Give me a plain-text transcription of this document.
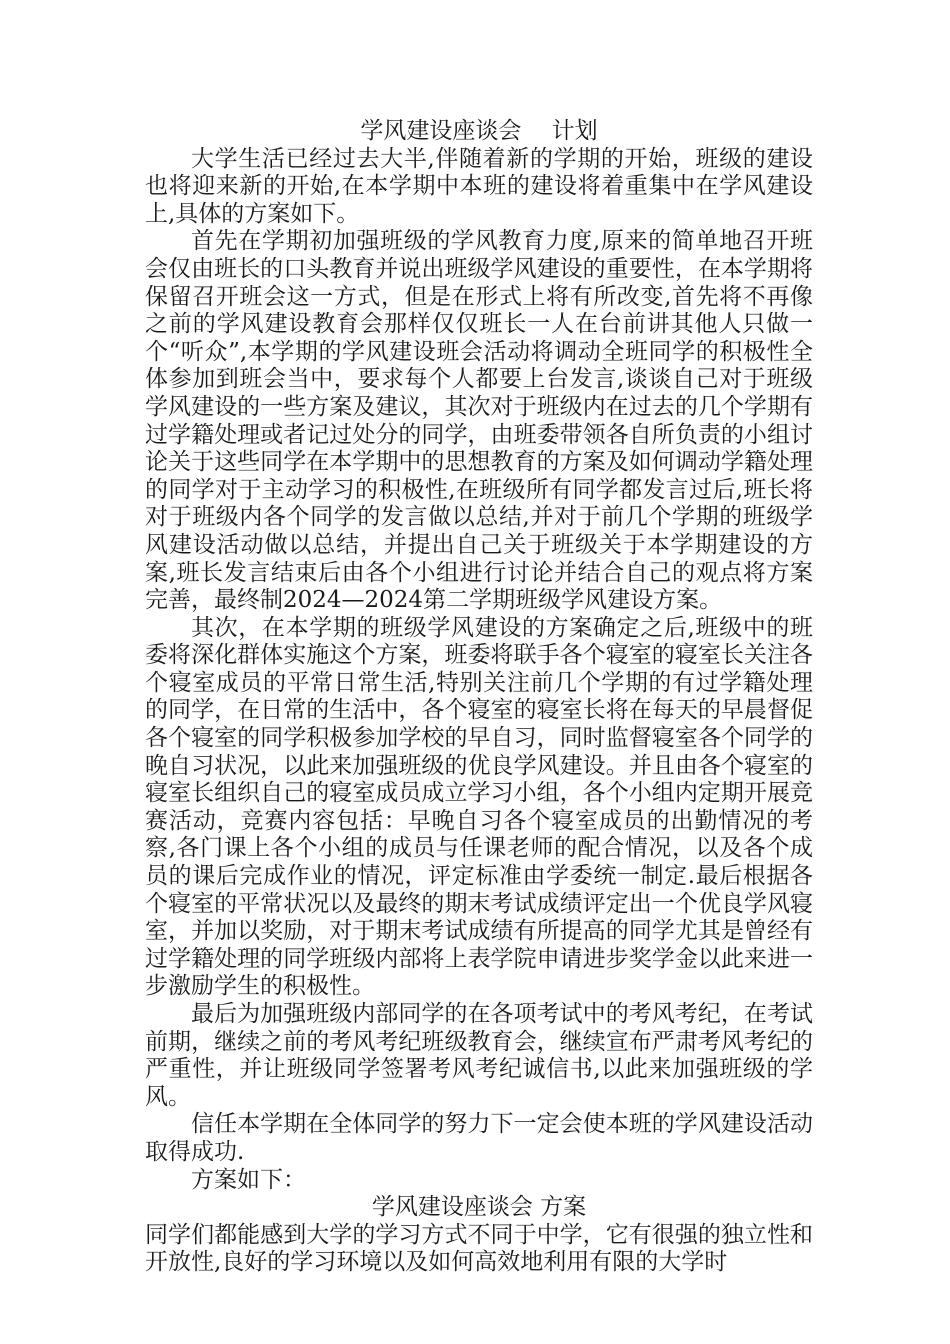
学风建设座谈会　 计划

大学生活已经过去大半,伴随着新的学期的开始，班级的建设也将迎来新的开始,在本学期中本班的建设将着重集中在学风建设上,具体的方案如下。

首先在学期初加强班级的学风教育力度,原来的简单地召开班会仅由班长的口头教育并说出班级学风建设的重要性，在本学期将保留召开班会这一方式，但是在形式上将有所改变,首先将不再像之前的学风建设教育会那样仅仅班长一人在台前讲其他人只做一个“听众”,本学期的学风建设班会活动将调动全班同学的积极性全体参加到班会当中，要求每个人都要上台发言,谈谈自己对于班级学风建设的一些方案及建议，其次对于班级内在过去的几个学期有过学籍处理或者记过处分的同学，由班委带领各自所负责的小组讨论关于这些同学在本学期中的思想教育的方案及如何调动学籍处理的同学对于主动学习的积极性,在班级所有同学都发言过后,班长将对于班级内各个同学的发言做以总结,并对于前几个学期的班级学风建设活动做以总结，并提出自己关于班级关于本学期建设的方案,班长发言结束后由各个小组进行讨论并结合自己的观点将方案完善，最终制2024—2024第二学期班级学风建设方案。

其次，在本学期的班级学风建设的方案确定之后,班级中的班委将深化群体实施这个方案，班委将联手各个寝室的寝室长关注各个寝室成员的平常日常生活,特别关注前几个学期的有过学籍处理的同学，在日常的生活中，各个寝室的寝室长将在每天的早晨督促各个寝室的同学积极参加学校的早自习，同时监督寝室各个同学的晚自习状况，以此来加强班级的优良学风建设。并且由各个寝室的寝室长组织自己的寝室成员成立学习小组，各个小组内定期开展竞赛活动，竞赛内容包括：早晚自习各个寝室成员的出勤情况的考察,各门课上各个小组的成员与任课老师的配合情况，以及各个成员的课后完成作业的情况，评定标准由学委统一制定.最后根据各个寝室的平常状况以及最终的期末考试成绩评定出一个优良学风寝室，并加以奖励，对于期末考试成绩有所提高的同学尤其是曾经有过学籍处理的同学班级内部将上表学院申请进步奖学金以此来进一步激励学生的积极性。

最后为加强班级内部同学的在各项考试中的考风考纪，在考试前期，继续之前的考风考纪班级教育会，继续宣布严肃考风考纪的严重性，并让班级同学签署考风考纪诚信书,以此来加强班级的学风。

信任本学期在全体同学的努力下一定会使本班的学风建设活动取得成功.

方案如下：

学风建设座谈会 方案

同学们都能感到大学的学习方式不同于中学，它有很强的独立性和开放性,良好的学习环境以及如何高效地利用有限的大学时
